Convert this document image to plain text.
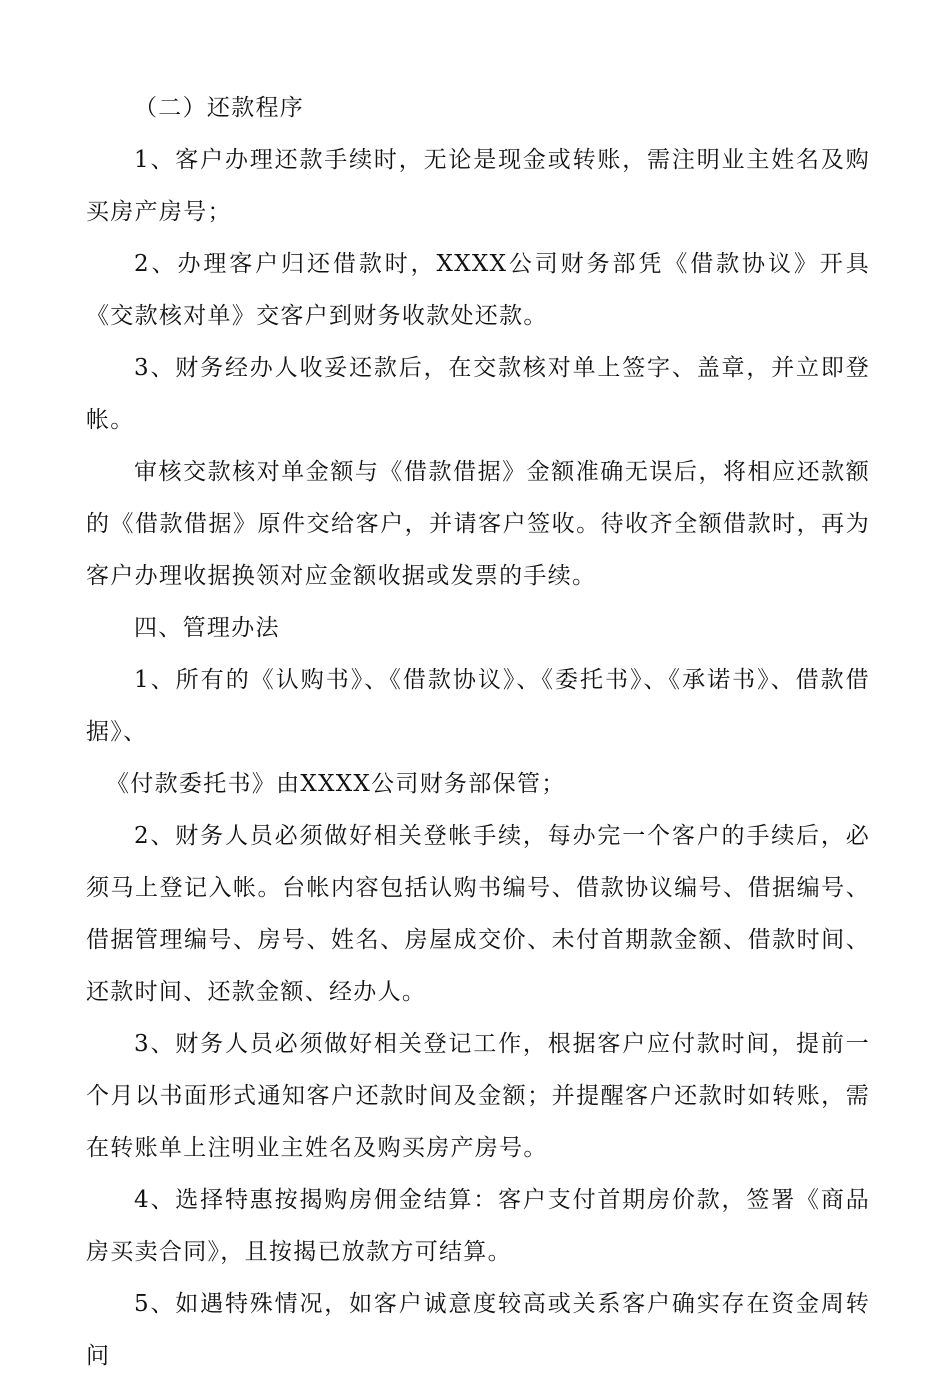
（二）还款程序

1、客户办理还款手续时，无论是现金或转账，需注明业主姓名及购买房产房号；

2、办理客户归还借款时，XXXX公司财务部凭《借款协议》开具《交款核对单》交客户到财务收款处还款。

3、财务经办人收妥还款后，在交款核对单上签字、盖章，并立即登帐。

审核交款核对单金额与《借款借据》金额准确无误后，将相应还款额的《借款借据》原件交给客户，并请客户签收。待收齐全额借款时，再为客户办理收据换领对应金额收据或发票的手续。

四、管理办法

1、所有的《认购书》、《借款协议》、《委托书》、《承诺书》、借款借据》、

《付款委托书》由XXXX公司财务部保管；

2、财务人员必须做好相关登帐手续，每办完一个客户的手续后，必须马上登记入帐。台帐内容包括认购书编号、借款协议编号、借据编号、借据管理编号、房号、姓名、房屋成交价、未付首期款金额、借款时间、还款时间、还款金额、经办人。

3、财务人员必须做好相关登记工作，根据客户应付款时间，提前一个月以书面形式通知客户还款时间及金额；并提醒客户还款时如转账，需在转账单上注明业主姓名及购买房产房号。

4、选择特惠按揭购房佣金结算：客户支付首期房价款，签署《商品房买卖合同》，且按揭已放款方可结算。

5、如遇特殊情况，如客户诚意度较高或关系客户确实存在资金周转问
